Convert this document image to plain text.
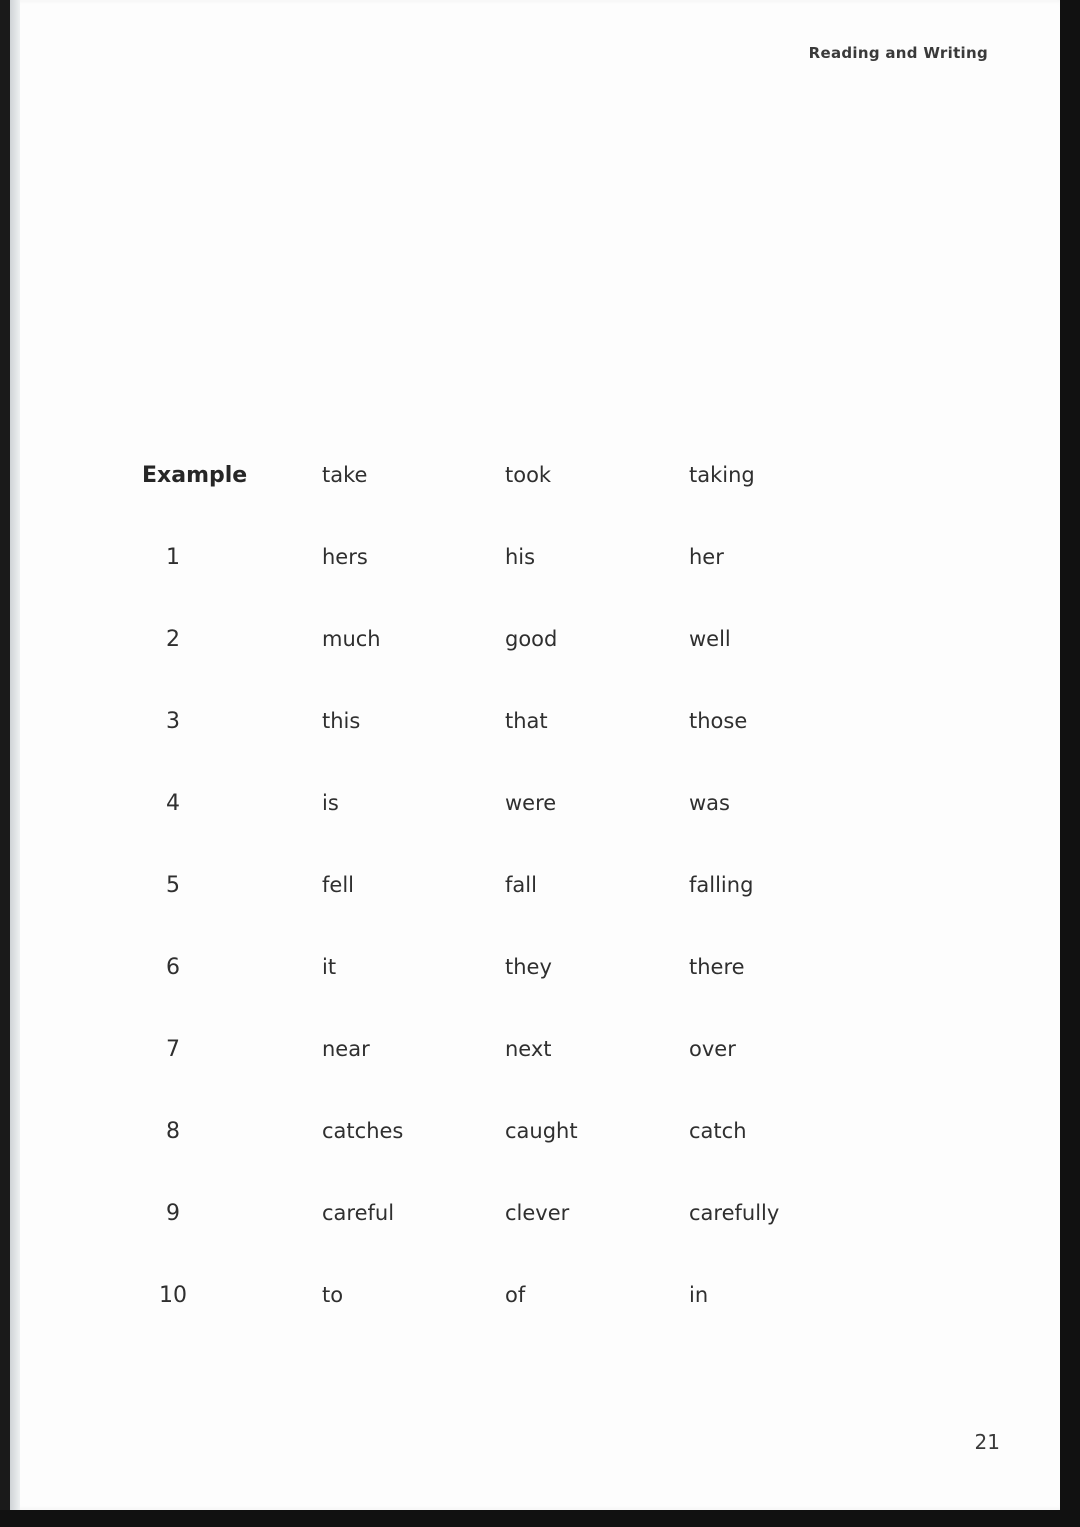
Reading and Writing
Example	take	took	taking
1	hers	his	her
2	much	good	well
3	this	that	those
4	is	were	was
5	fell	fall	falling
6	it	they	there
7	near	next	over
8	catches	caught	catch
9	careful	clever	carefully
10	to	of	in
21
